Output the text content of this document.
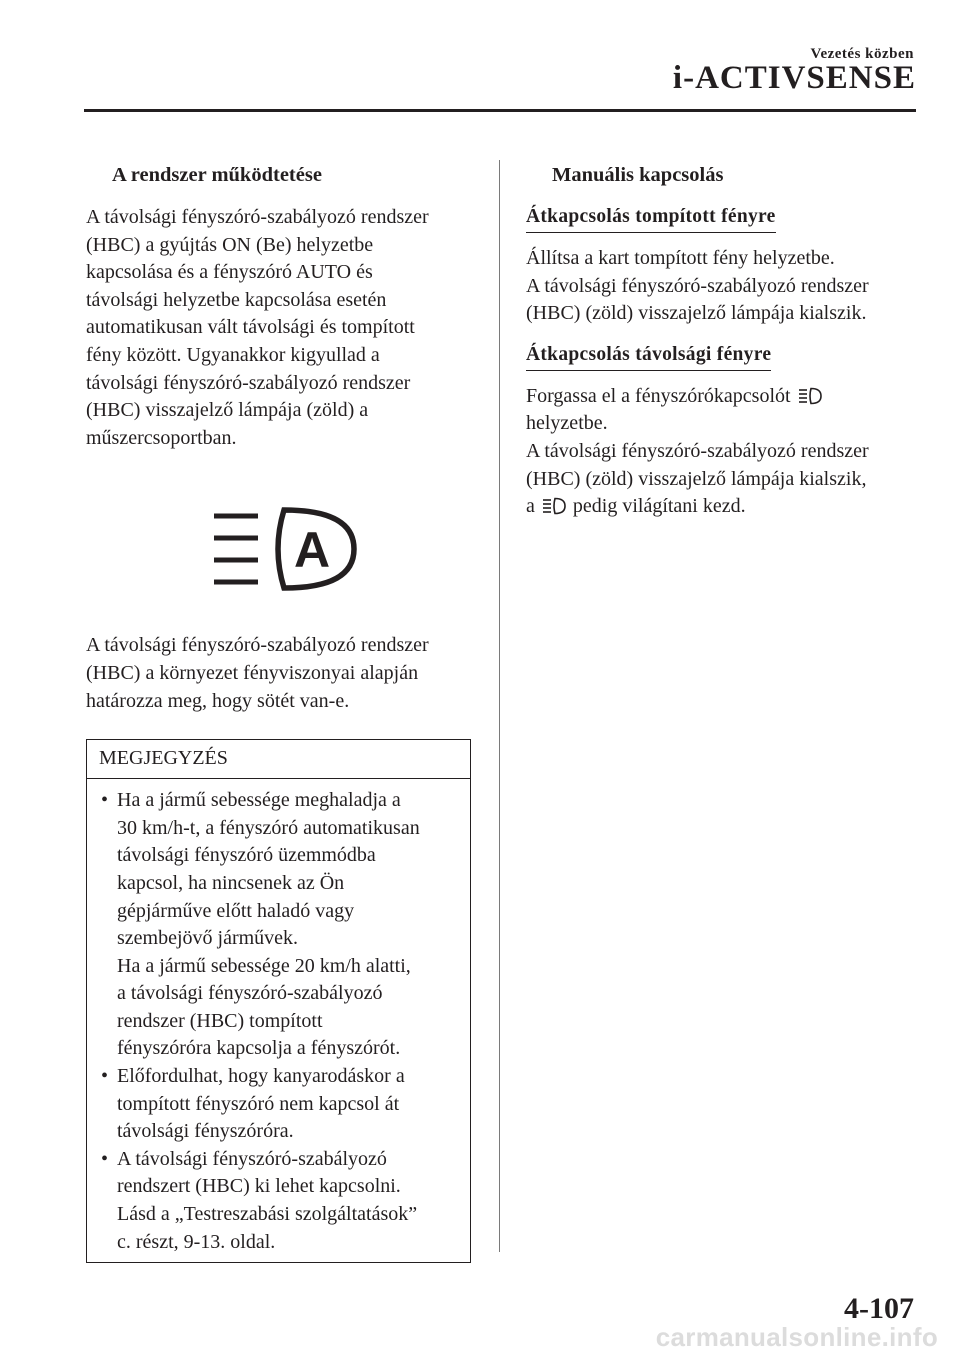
Vezetés közben
i-ACTIVSENSE
A rendszer működtetése
A távolsági fényszóró-szabályozó rendszer
(HBC) a gyújtás ON (Be) helyzetbe
kapcsolása és a fényszóró AUTO és
távolsági helyzetbe kapcsolása esetén
automatikusan vált távolsági és tompított
fény között. Ugyanakkor kigyullad a
távolsági fényszóró-szabályozó rendszer
(HBC) visszajelző lámpája (zöld) a
műszercsoportban.
A
A távolsági fényszóró-szabályozó rendszer
(HBC) a környezet fényviszonyai alapján
határozza meg, hogy sötét van-e.
MEGJEGYZÉS
• Ha a jármű sebessége meghaladja a
30 km/h-t, a fényszóró automatikusan
távolsági fényszóró üzemmódba
kapcsol, ha nincsenek az Ön
gépjárműve előtt haladó vagy
szembejövő járművek.
Ha a jármű sebessége 20 km/h alatti,
a távolsági fényszóró-szabályozó
rendszer (HBC) tompított
fényszóróra kapcsolja a fényszórót.
• Előfordulhat, hogy kanyarodáskor a
tompított fényszóró nem kapcsol át
távolsági fényszóróra.
• A távolsági fényszóró-szabályozó
rendszert (HBC) ki lehet kapcsolni.
Lásd a „Testreszabási szolgáltatások”
c. részt, 9-13. oldal.
Manuális kapcsolás
Átkapcsolás tompított fényre
Állítsa a kart tompított fény helyzetbe.
A távolsági fényszóró-szabályozó rendszer
(HBC) (zöld) visszajelző lámpája kialszik.
Átkapcsolás távolsági fényre
Forgassa el a fényszórókapcsolót
helyzetbe.
A távolsági fényszóró-szabályozó rendszer
(HBC) (zöld) visszajelző lámpája kialszik,
a pedig világítani kezd.
4-107
carmanualsonline.info
